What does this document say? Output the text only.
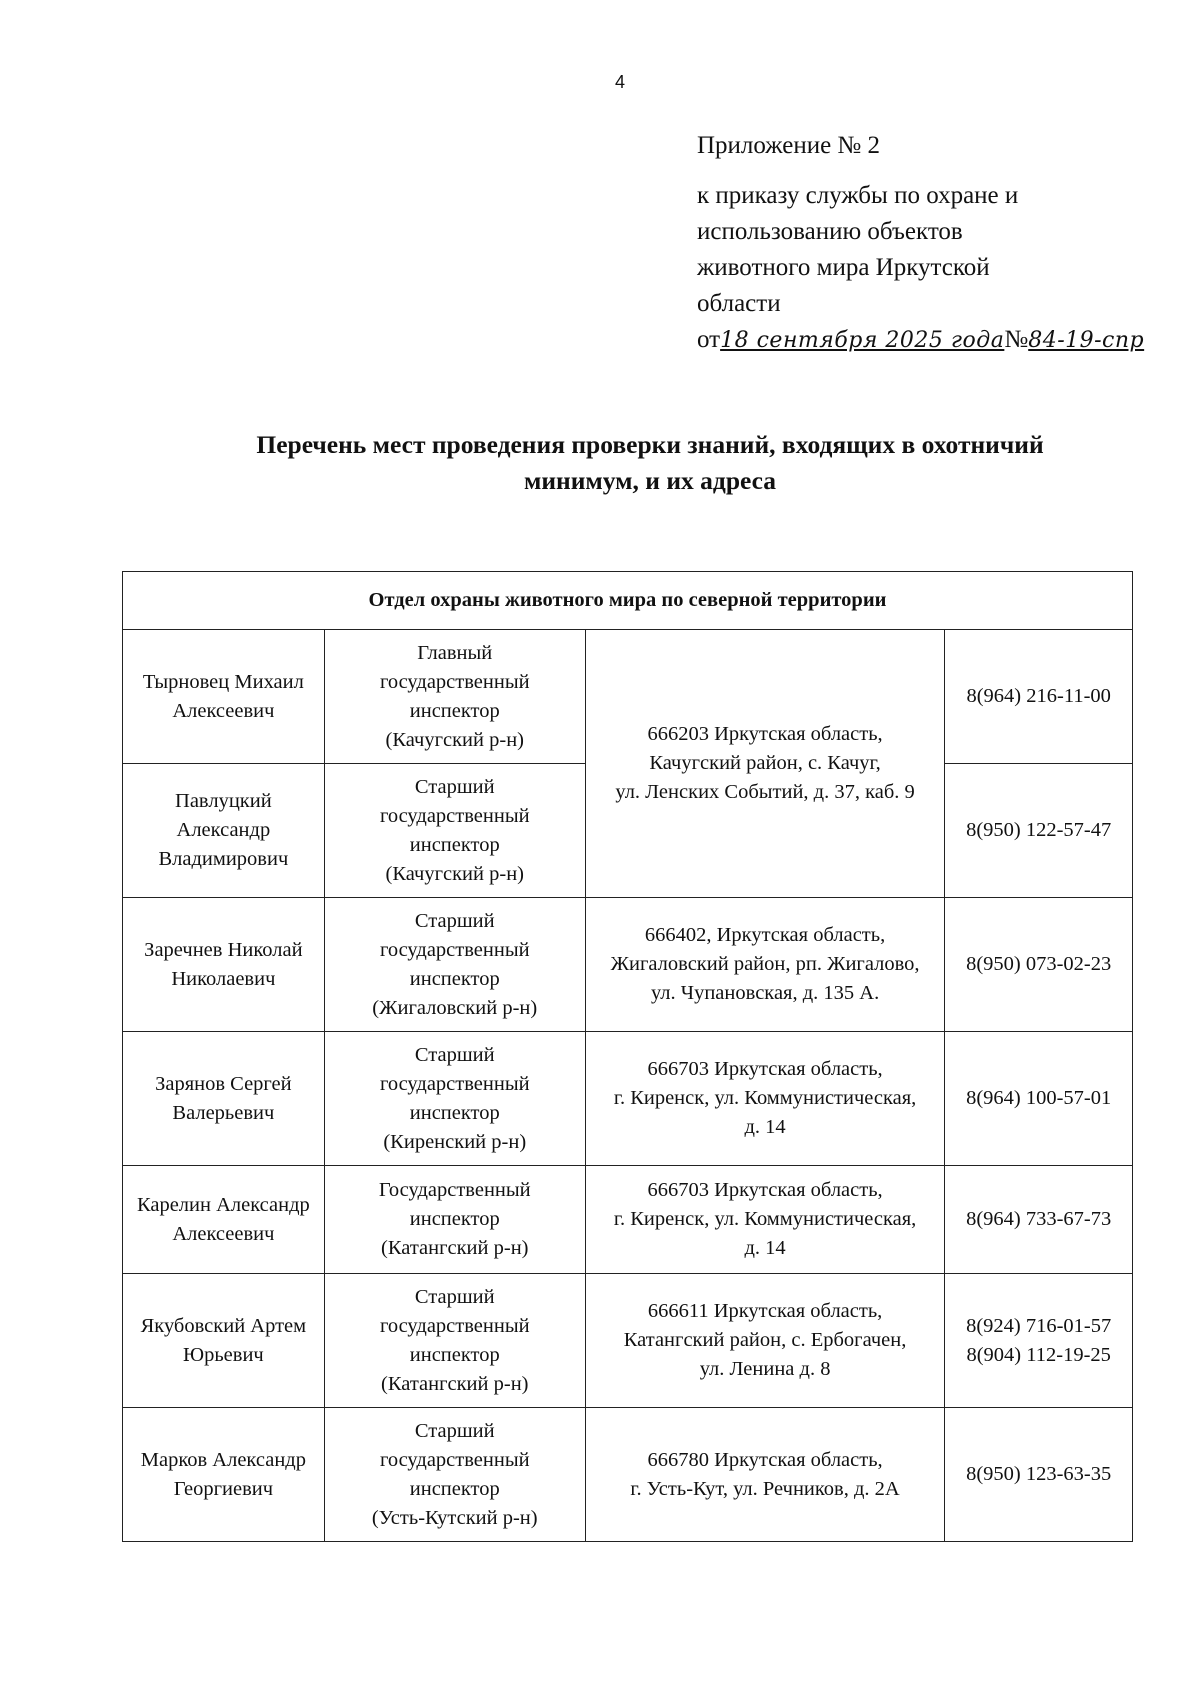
4
Приложение № 2
к приказу службы по охране и
использованию объектов
животного мира Иркутской
области
от18 сентября 2025 года№84-19-спр
Перечень мест проведения проверки знаний, входящих в охотничий
минимум, и их адреса
Отдел охраны животного мира по северной территории			

Тырновец Михаил
Алексеевич	Главный
государственный
инспектор
(Качугский р-н)	666203 Иркутская область,
Качугский район, с. Качуг,
ул. Ленских Событий, д. 37, каб. 9	8(964) 216-11-00

Павлуцкий
Александр
Владимирович	Старший
государственный
инспектор
(Качугский р-н)		8(950) 122-57-47

Заречнев Николай
Николаевич	Старший
государственный
инспектор
(Жигаловский р-н)	666402, Иркутская область,
Жигаловский район, рп. Жигалово,
ул. Чупановская, д. 135 А.	8(950) 073-02-23

Зарянов Сергей
Валерьевич	Старший
государственный
инспектор
(Киренский р-н)	666703 Иркутская область,
г. Киренск, ул. Коммунистическая,
д. 14	8(964) 100-57-01

Карелин Александр
Алексеевич	Государственный
инспектор
(Катангский р-н)	666703 Иркутская область,
г. Киренск, ул. Коммунистическая,
д. 14	8(964) 733-67-73

Якубовский Артем
Юрьевич	Старший
государственный
инспектор
(Катангский р-н)	666611 Иркутская область,
Катангский район, с. Ербогачен,
ул. Ленина д. 8	8(924) 716-01-57
8(904) 112-19-25

Марков Александр
Георгиевич	Старший
государственный
инспектор
(Усть-Кутский р-н)	666780 Иркутская область,
г. Усть-Кут, ул. Речников, д. 2А	8(950) 123-63-35
